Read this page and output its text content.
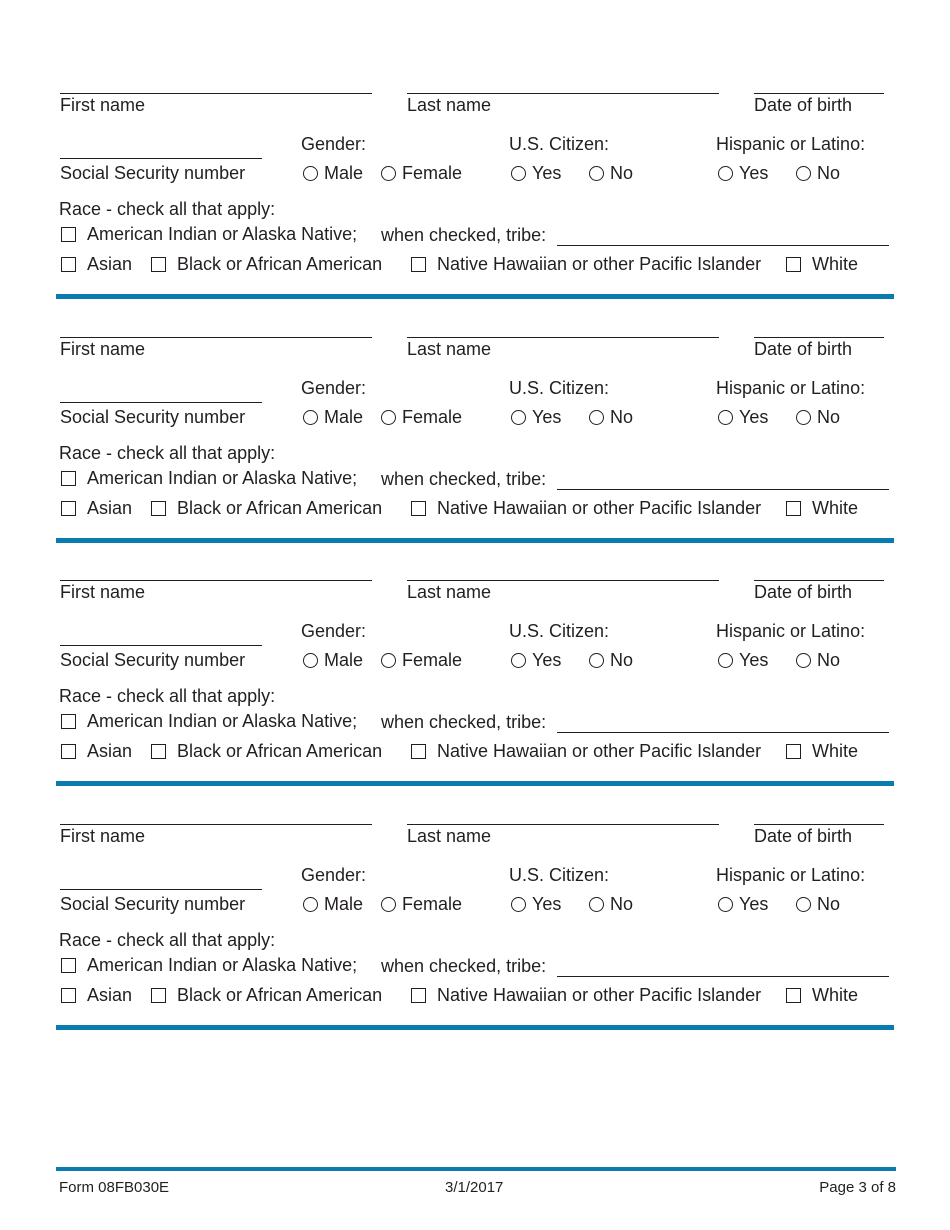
First name	Last name	Date of birth
Gender:	U.S. Citizen:	Hispanic or Latino:
Social Security number	Male	Female	Yes	No	Yes	No
Race - check all that apply:
American Indian or Alaska Native; when checked, tribe:
Asian	Black or African American	Native Hawaiian or other Pacific Islander	White
First name	Last name	Date of birth
Gender:	U.S. Citizen:	Hispanic or Latino:
Social Security number	Male	Female	Yes	No	Yes	No
Race - check all that apply:
American Indian or Alaska Native; when checked, tribe:
Asian	Black or African American	Native Hawaiian or other Pacific Islander	White
First name	Last name	Date of birth
Gender:	U.S. Citizen:	Hispanic or Latino:
Social Security number	Male	Female	Yes	No	Yes	No
Race - check all that apply:
American Indian or Alaska Native; when checked, tribe:
Asian	Black or African American	Native Hawaiian or other Pacific Islander	White
First name	Last name	Date of birth
Gender:	U.S. Citizen:	Hispanic or Latino:
Social Security number	Male	Female	Yes	No	Yes	No
Race - check all that apply:
American Indian or Alaska Native; when checked, tribe:
Asian	Black or African American	Native Hawaiian or other Pacific Islander	White
Form 08FB030E	3/1/2017	Page 3 of 8
